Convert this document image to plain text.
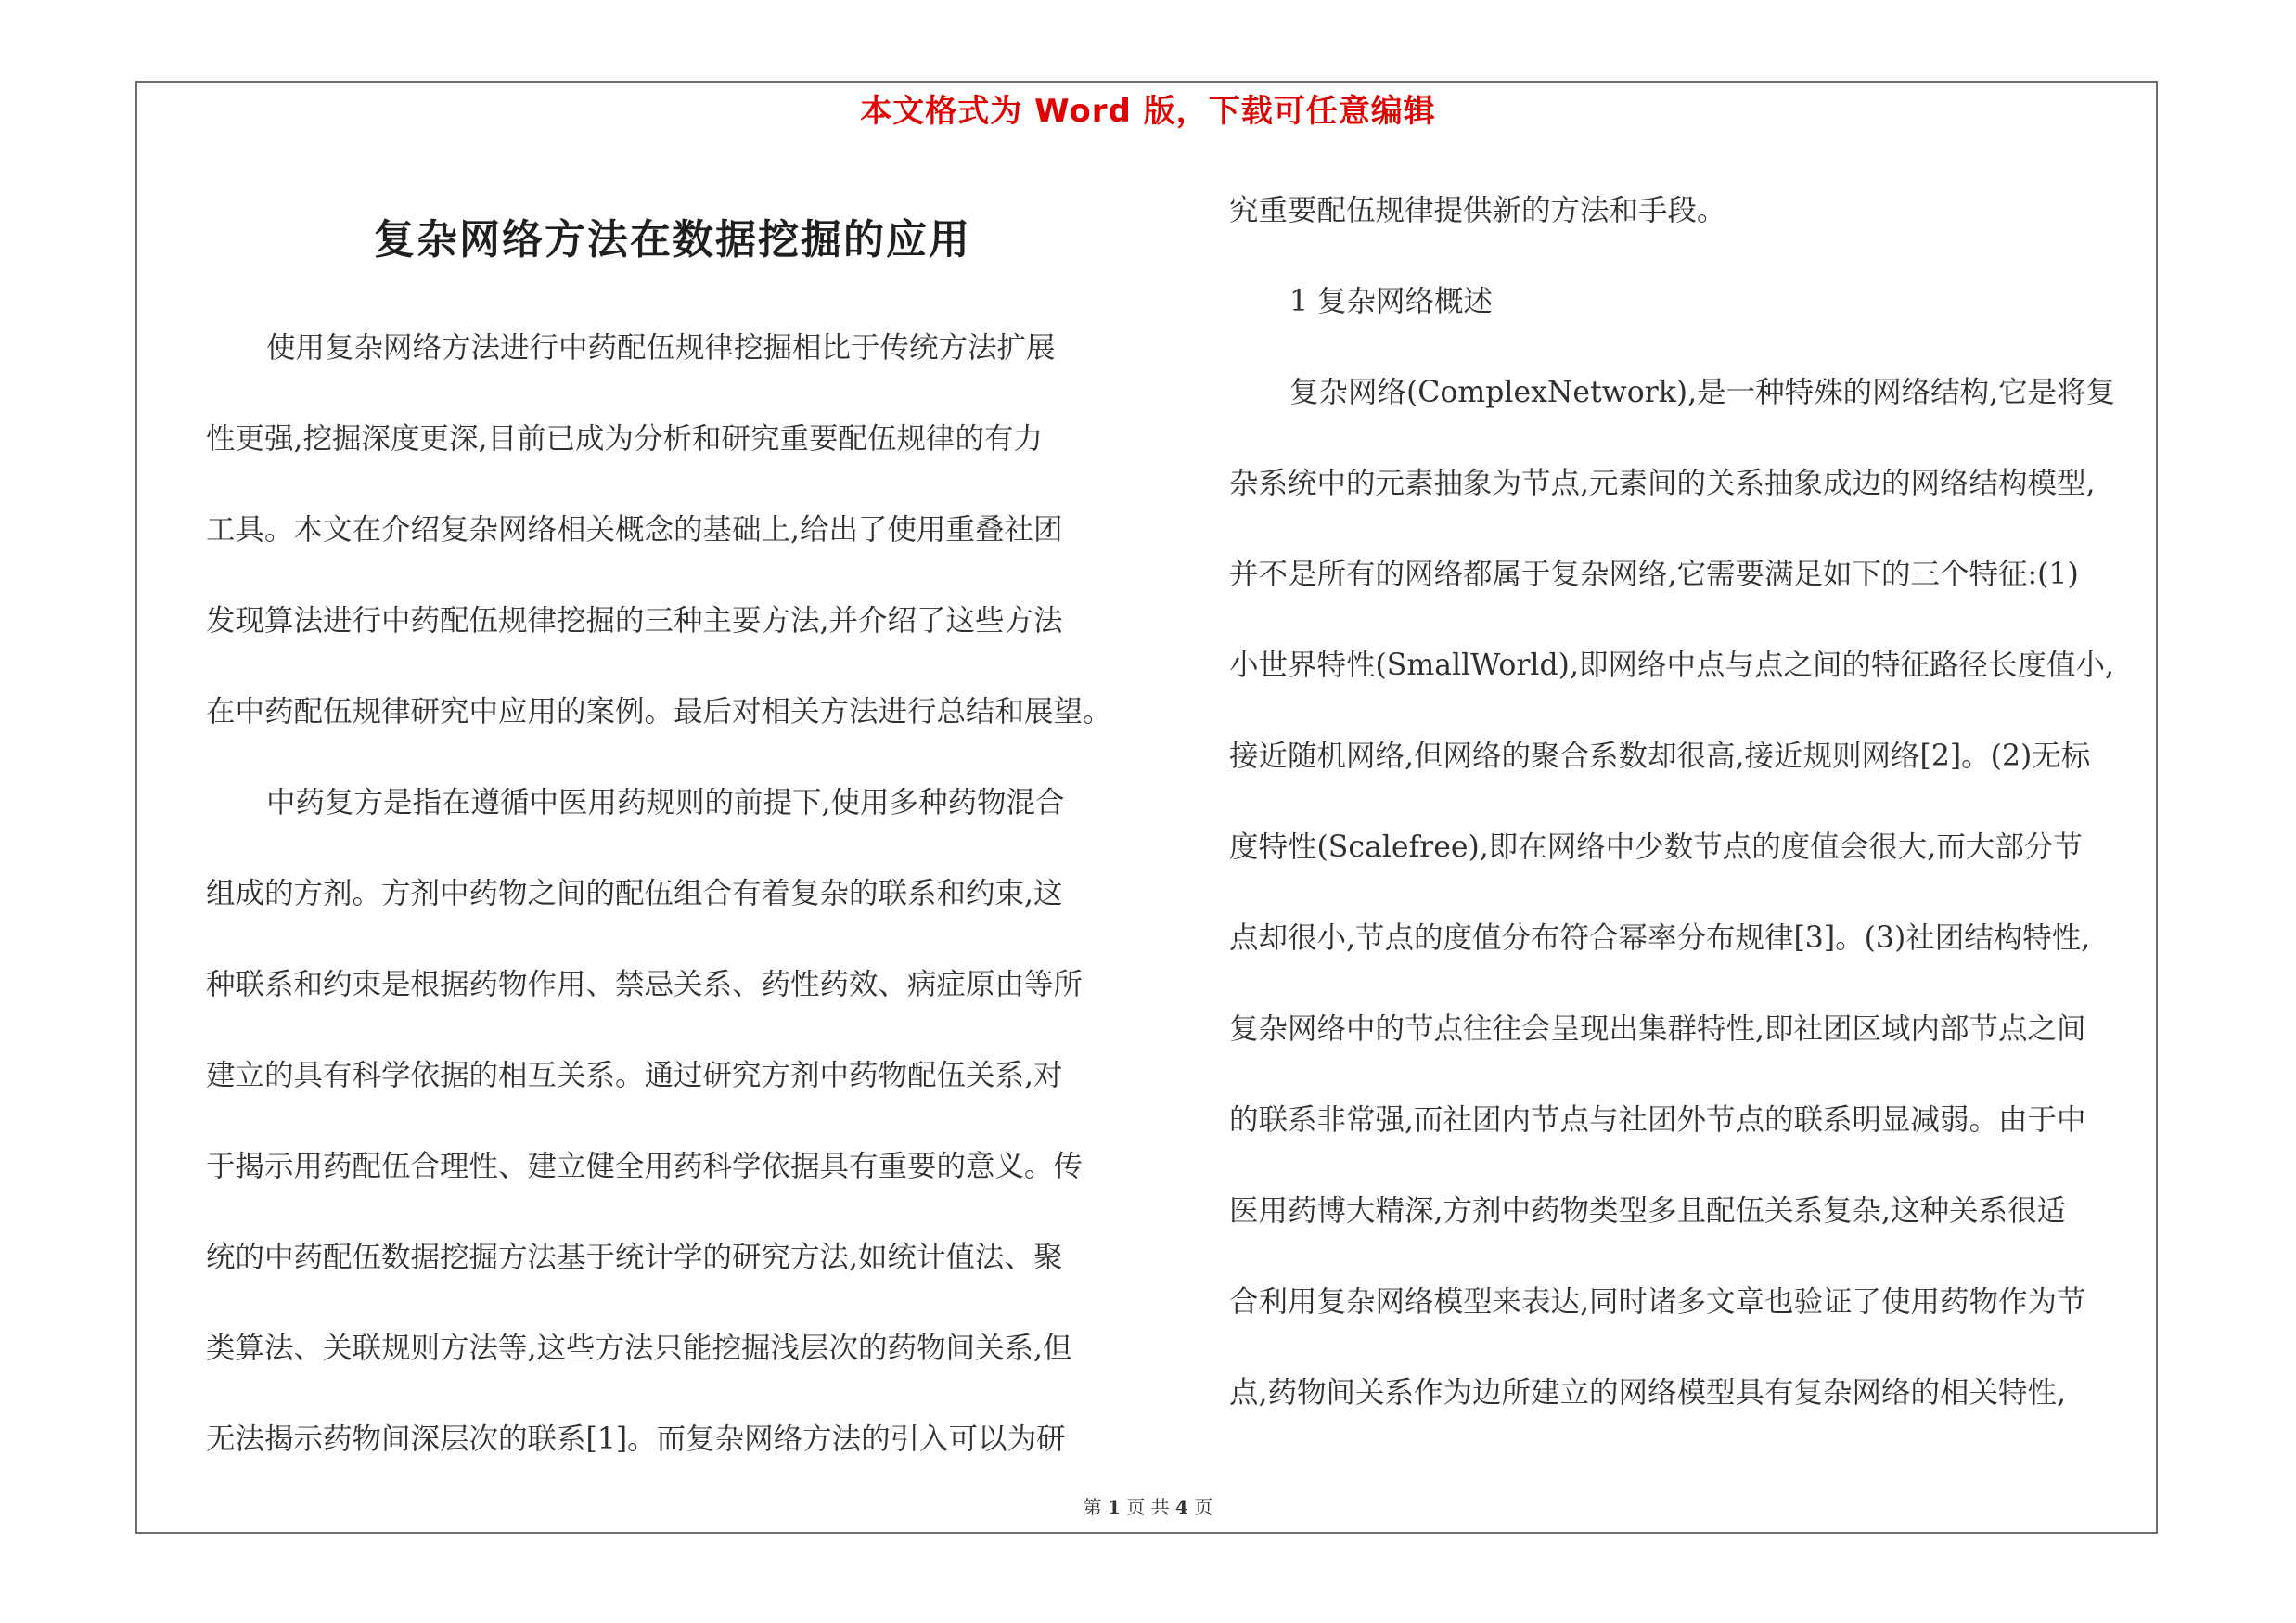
本文格式为 Word 版，下载可任意编辑
复杂网络方法在数据挖掘的应用
使用复杂网络方法进行中药配伍规律挖掘相比于传统方法扩展
性更强,挖掘深度更深,目前已成为分析和研究重要配伍规律的有力
工具。本文在介绍复杂网络相关概念的基础上,给出了使用重叠社团
发现算法进行中药配伍规律挖掘的三种主要方法,并介绍了这些方法
在中药配伍规律研究中应用的案例。最后对相关方法进行总结和展望。
中药复方是指在遵循中医用药规则的前提下,使用多种药物混合
组成的方剂。方剂中药物之间的配伍组合有着复杂的联系和约束,这
种联系和约束是根据药物作用、禁忌关系、药性药效、病症原由等所
建立的具有科学依据的相互关系。通过研究方剂中药物配伍关系,对
于揭示用药配伍合理性、建立健全用药科学依据具有重要的意义。传
统的中药配伍数据挖掘方法基于统计学的研究方法,如统计值法、聚
类算法、关联规则方法等,这些方法只能挖掘浅层次的药物间关系,但
无法揭示药物间深层次的联系[1]。而复杂网络方法的引入可以为研
究重要配伍规律提供新的方法和手段。
1 复杂网络概述
复杂网络(ComplexNetwork),是一种特殊的网络结构,它是将复
杂系统中的元素抽象为节点,元素间的关系抽象成边的网络结构模型,
并不是所有的网络都属于复杂网络,它需要满足如下的三个特征:(1)
小世界特性(SmallWorld),即网络中点与点之间的特征路径长度值小,
接近随机网络,但网络的聚合系数却很高,接近规则网络[2]。(2)无标
度特性(Scalefree),即在网络中少数节点的度值会很大,而大部分节
点却很小,节点的度值分布符合幂率分布规律[3]。(3)社团结构特性,
复杂网络中的节点往往会呈现出集群特性,即社团区域内部节点之间
的联系非常强,而社团内节点与社团外节点的联系明显减弱。由于中
医用药博大精深,方剂中药物类型多且配伍关系复杂,这种关系很适
合利用复杂网络模型来表达,同时诸多文章也验证了使用药物作为节
点,药物间关系作为边所建立的网络模型具有复杂网络的相关特性,
第 1 页 共 4 页
